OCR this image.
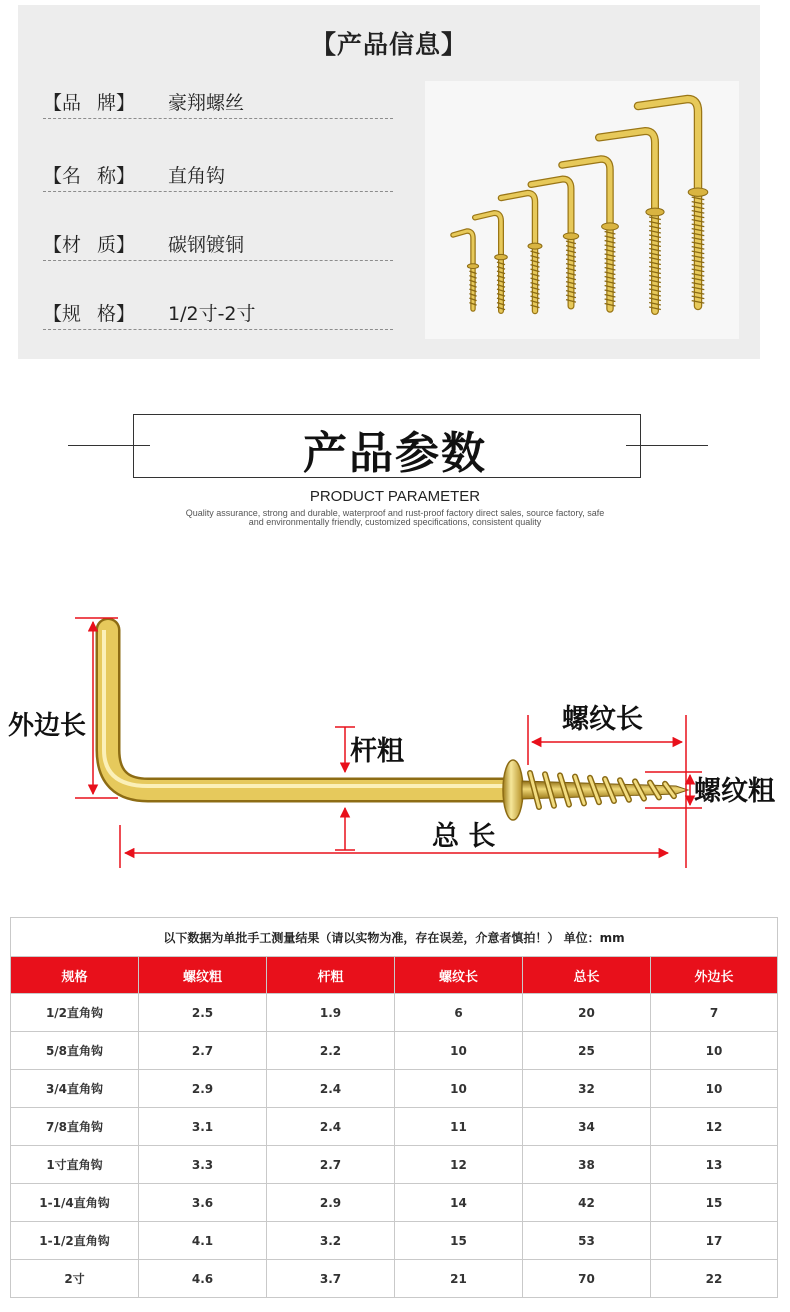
【产品信息】
【品 牌】 豪翔螺丝
【名 称】 直角钩
【材 质】 碳钢镀铜
【规 格】 1/2寸-2寸
产品参数
PRODUCT PARAMETER
Quality assurance, strong and durable, waterproof and rust-proof factory direct sales, source factory, safe
and environmentally friendly, customized specifications, consistent quality
外边长
杆粗
螺纹长
螺纹粗
总 长
以下数据为单批手工测量结果（请以实物为准，存在误差，介意者慎拍！） 单位：mm					
规格	螺纹粗	杆粗	螺纹长	总长	外边长
1/2直角钩	2.5	1.9	6	20	7
5/8直角钩	2.7	2.2	10	25	10
3/4直角钩	2.9	2.4	10	32	10
7/8直角钩	3.1	2.4	11	34	12
1寸直角钩	3.3	2.7	12	38	13
1-1/4直角钩	3.6	2.9	14	42	15
1-1/2直角钩	4.1	3.2	15	53	17
2寸	4.6	3.7	21	70	22
